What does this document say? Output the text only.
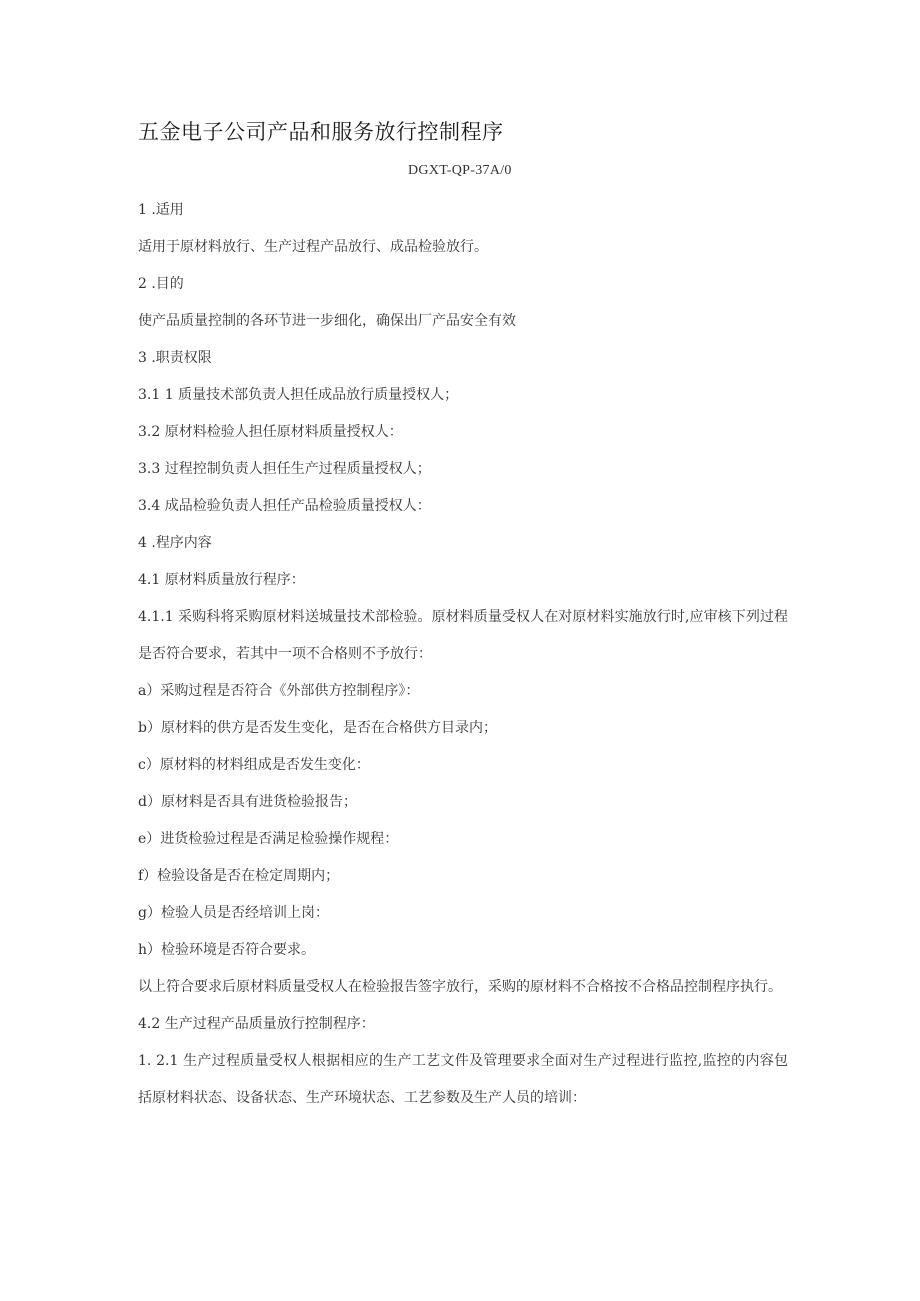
五金电子公司产品和服务放行控制程序
DGXT-QP-37A/0

1 .适用

适用于原材料放行、生产过程产品放行、成品检验放行。

2 .目的

使产品质量控制的各环节进一步细化，确保出厂产品安全有效

3 .职责权限

3.1 1 质量技术部负责人担任成品放行质量授权人；

3.2 原材料检验人担任原材料质量授权人：

3.3 过程控制负责人担任生产过程质量授权人；

3.4 成品检验负责人担任产品检验质量授权人：

4 .程序内容

4.1 原材料质量放行程序：

4.1.1 采购科将采购原材料送城量技术部检验。原材料质量受权人在对原材料实施放行时,应审核下列过程是否符合要求，若其中一项不合格则不予放行：

a）采购过程是否符合《外部供方控制程序》：

b）原材料的供方是否发生变化，是否在合格供方目录内；

c）原材料的材料组成是否发生变化：

d）原材料是否具有进货检验报告；

e）进货检验过程是否满足检验操作规程：

f）检验设备是否在检定周期内；

g）检验人员是否经培训上岗：

h）检验环境是否符合要求。

以上符合要求后原材料质量受权人在检验报告签字放行，采购的原材料不合格按不合格品控制程序执行。

4.2 生产过程产品质量放行控制程序：

1. 2.1 生产过程质量受权人根据相应的生产工艺文件及管理要求全面对生产过程进行监控,监控的内容包括原材料状态、设备状态、生产环境状态、工艺参数及生产人员的培训：
